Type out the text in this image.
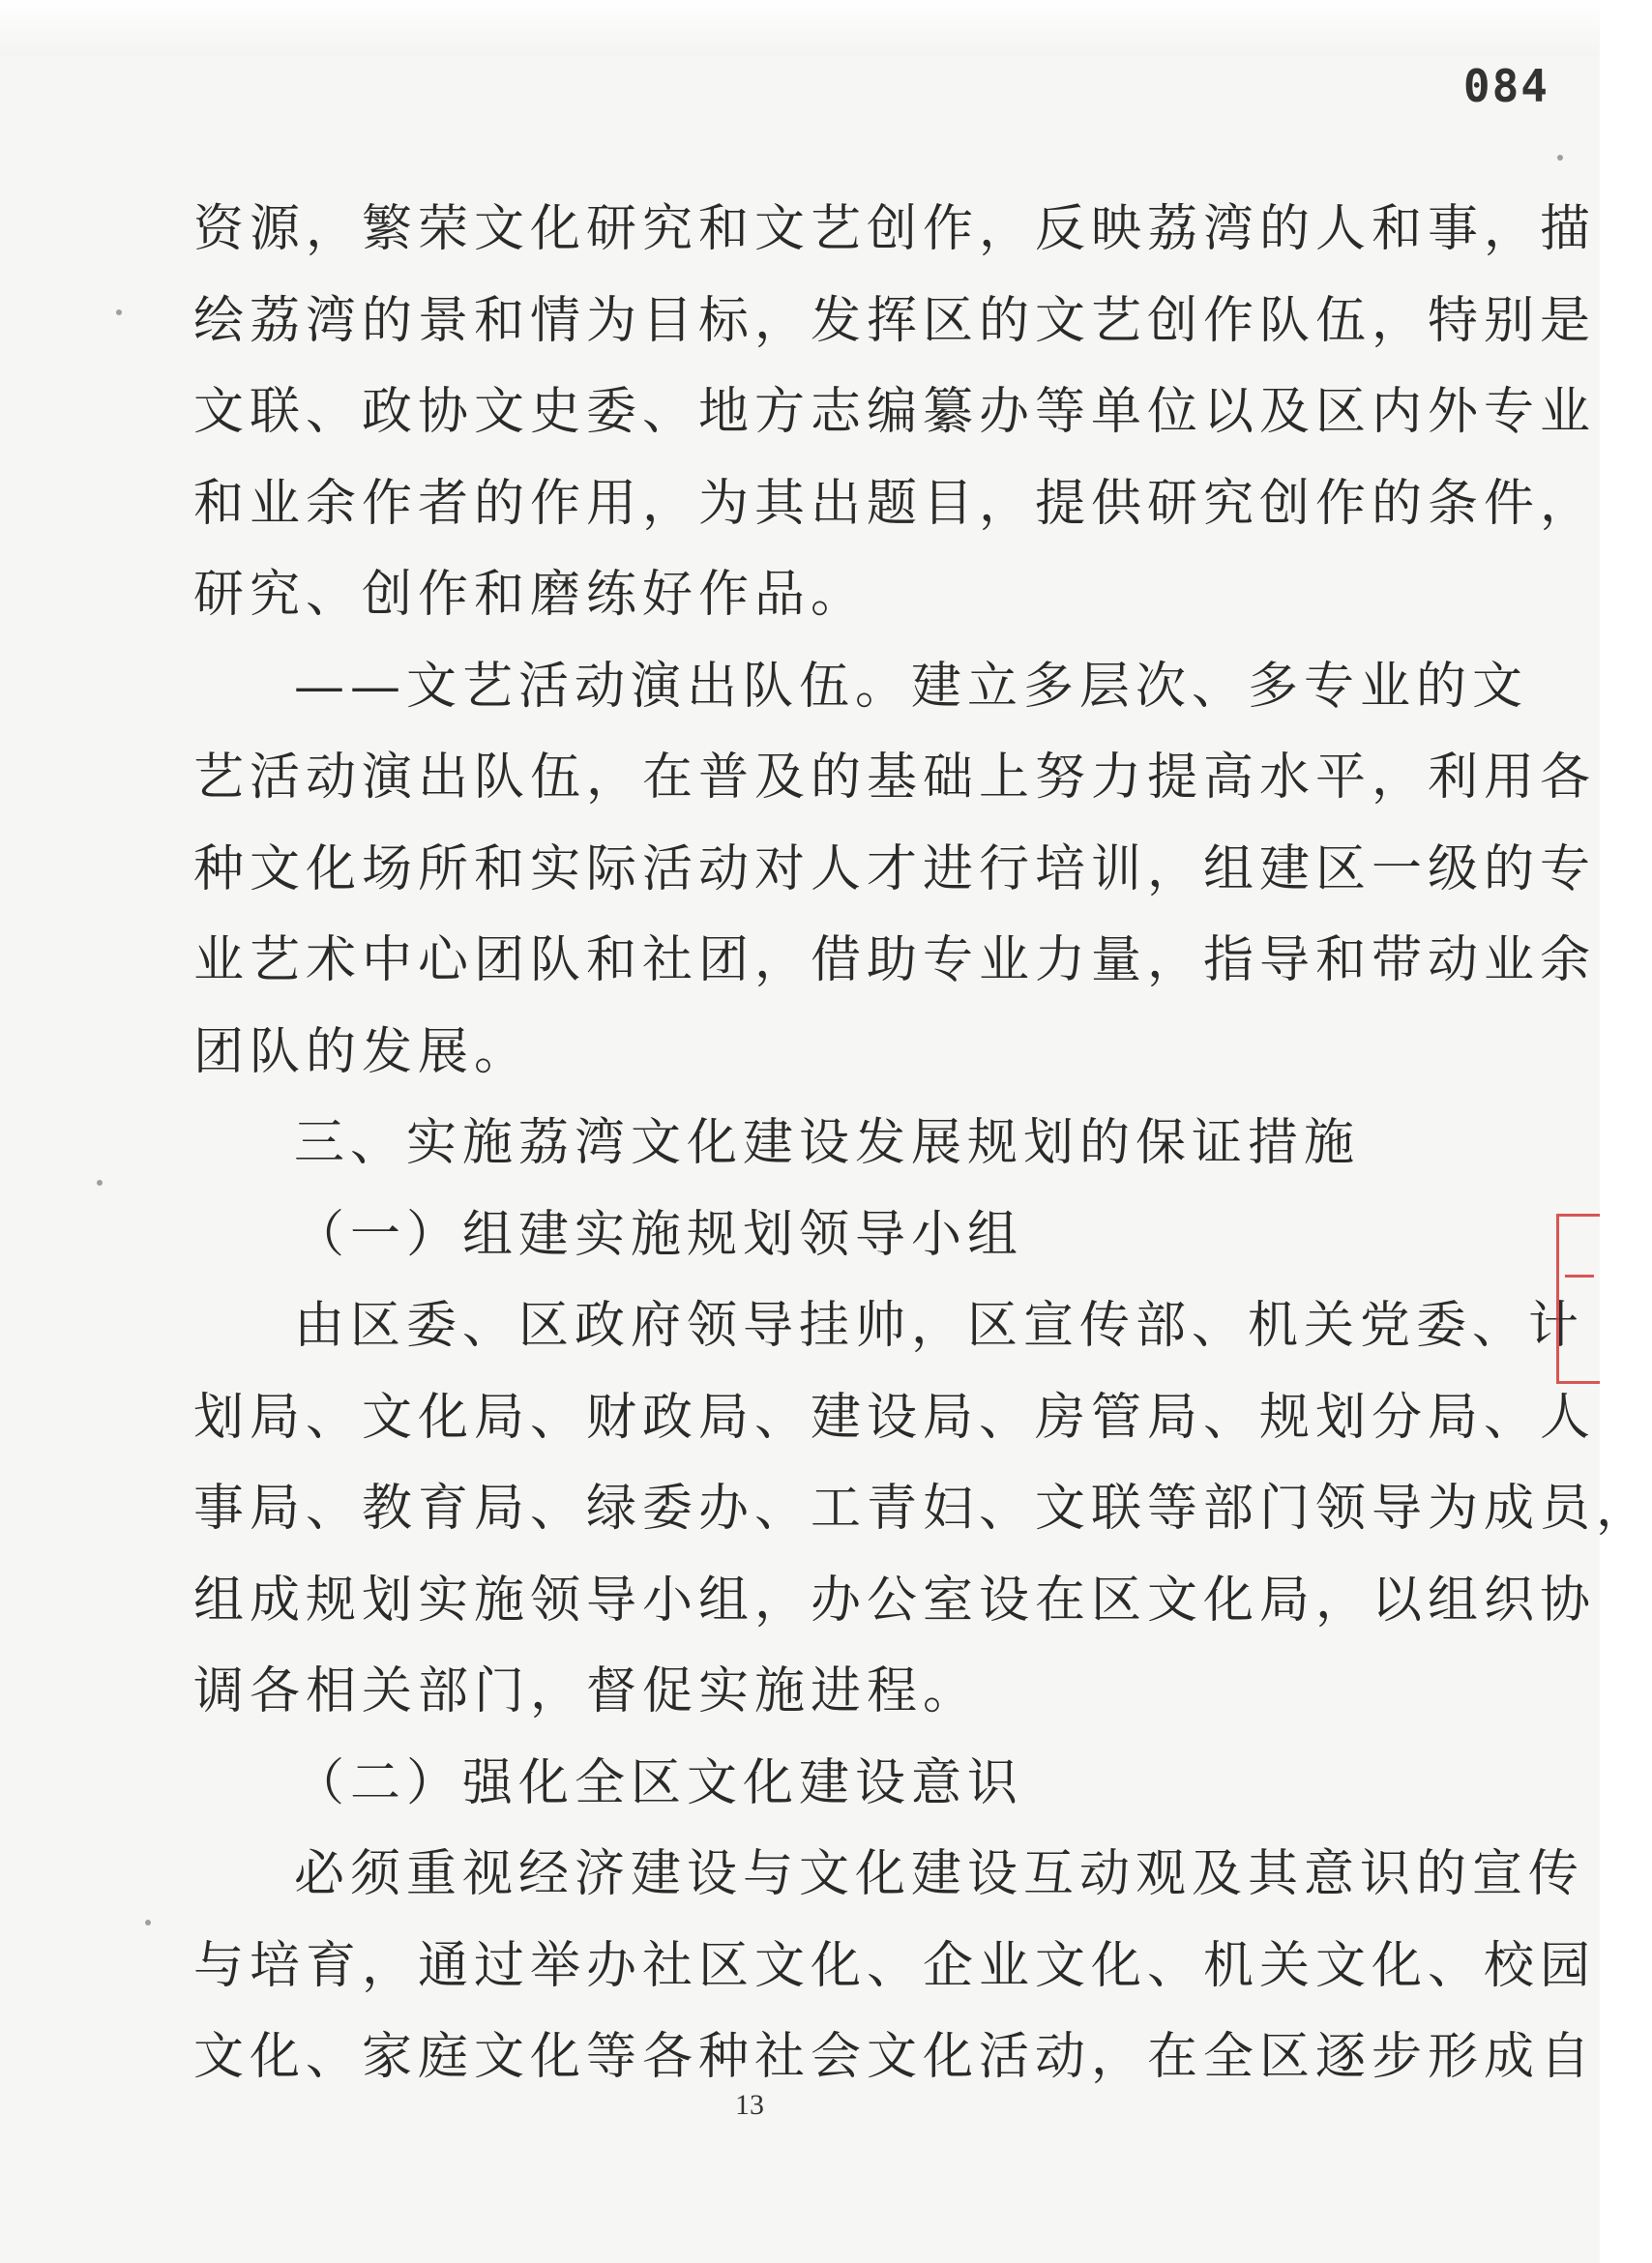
084
资源，繁荣文化研究和文艺创作，反映荔湾的人和事，描
绘荔湾的景和情为目标，发挥区的文艺创作队伍，特别是
文联、政协文史委、地方志编纂办等单位以及区内外专业
和业余作者的作用，为其出题目，提供研究创作的条件，
研究、创作和磨练好作品。
——文艺活动演出队伍。建立多层次、多专业的文
艺活动演出队伍，在普及的基础上努力提高水平，利用各
种文化场所和实际活动对人才进行培训，组建区一级的专
业艺术中心团队和社团，借助专业力量，指导和带动业余
团队的发展。
三、实施荔湾文化建设发展规划的保证措施
（一）组建实施规划领导小组
由区委、区政府领导挂帅，区宣传部、机关党委、计
划局、文化局、财政局、建设局、房管局、规划分局、人
事局、教育局、绿委办、工青妇、文联等部门领导为成员，
组成规划实施领导小组，办公室设在区文化局，以组织协
调各相关部门，督促实施进程。
（二）强化全区文化建设意识
必须重视经济建设与文化建设互动观及其意识的宣传
与培育，通过举办社区文化、企业文化、机关文化、校园
文化、家庭文化等各种社会文化活动，在全区逐步形成自
13
